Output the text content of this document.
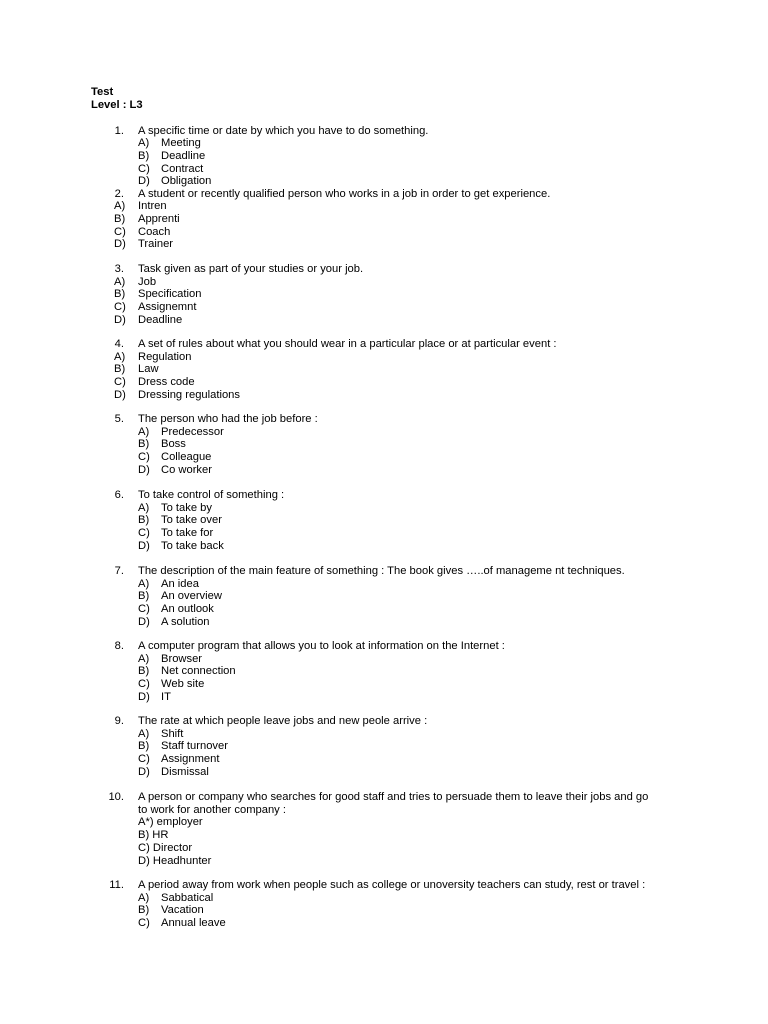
Test
Level : L3
1. A specific time or date by which you have to do something.
A) Meeting
B) Deadline
C) Contract
D) Obligation
2. A student or recently qualified person who works in a job in order to get experience.
A) Intren
B) Apprenti
C) Coach
D) Trainer
3. Task given as part of your studies or your job.
A) Job
B) Specification
C) Assignemnt
D) Deadline
4. A set of rules about what you should wear in a particular place or at particular event :
A) Regulation
B) Law
C) Dress code
D) Dressing regulations
5. The person who had the job before :
A) Predecessor
B) Boss
C) Colleague
D) Co worker
6. To take control of something :
A) To take by
B) To take over
C) To take for
D) To take back
7. The description of the main feature of something : The book gives …..of manageme nt techniques.
A) An idea
B) An overview
C) An outlook
D) A solution
8. A computer program that allows you to look at information on the Internet :
A) Browser
B) Net connection
C) Web site
D) IT
9. The rate at which people leave jobs and new peole arrive :
A) Shift
B) Staff turnover
C) Assignment
D) Dismissal
10. A person or company who searches for good staff and tries to persuade them to leave their jobs and go
to work for another company :
A*) employer
B) HR
C) Director
D) Headhunter
11. A period away from work when people such as college or unoversity teachers can study, rest or travel :
A) Sabbatical
B) Vacation
C) Annual leave
